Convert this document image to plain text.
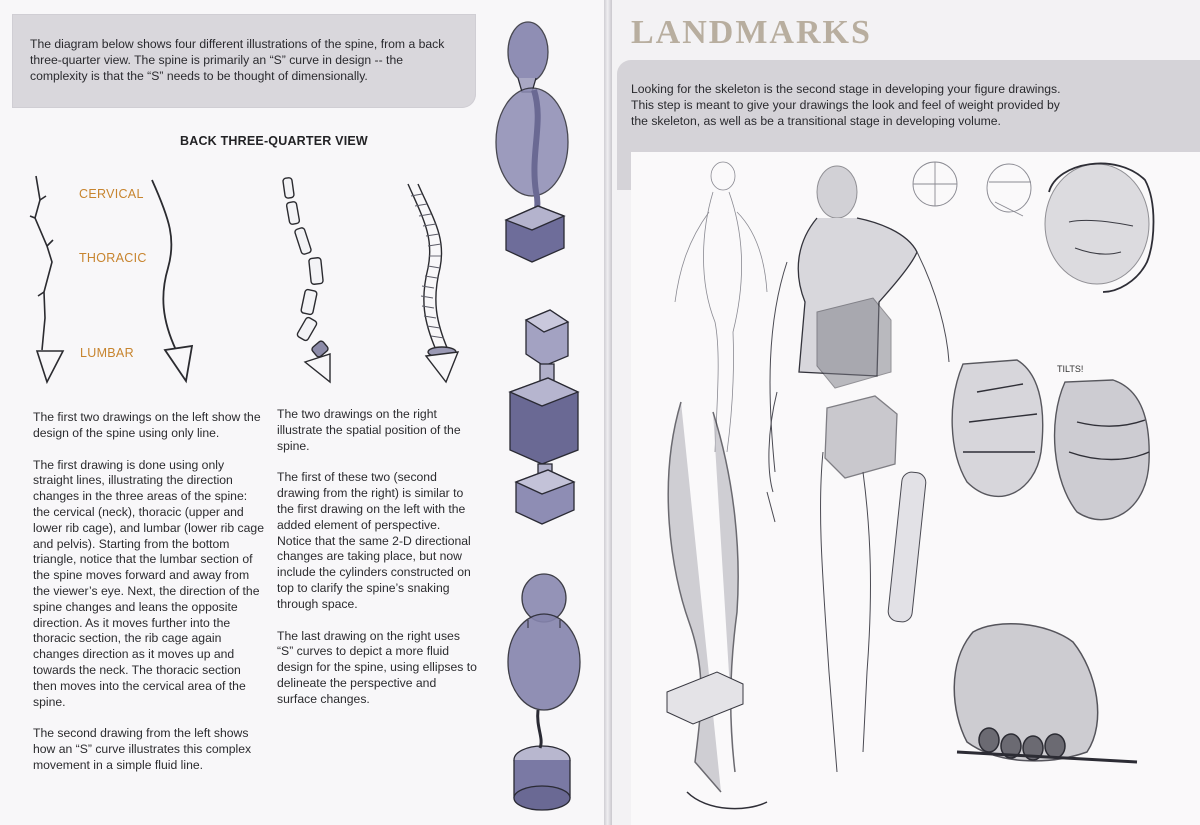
The diagram below shows four different illustrations of the spine, from a back three-quarter view. The spine is primarily an “S” curve in design -- the complexity is that the “S” needs to be thought of dimensionally.

BACK THREE-QUARTER VIEW

CERVICAL
THORACIC
LUMBAR

The first two drawings on the left show the design of the spine using only line.

The first drawing is done using only straight lines, illustrating the direction changes in the three areas of the spine: the cervical (neck), thoracic (upper and lower rib cage), and lumbar (lower rib cage and pelvis). Starting from the bottom triangle, notice that the lumbar section of the spine moves forward and away from the viewer’s eye. Next, the direction of the spine changes and leans the opposite direction. As it moves further into the thoracic section, the rib cage again changes direction as it moves up and towards the neck. The thoracic section then moves into the cervical area of the spine.

The second drawing from the left shows how an “S” curve illustrates this complex movement in a simple fluid line.

The two drawings on the right illustrate the spatial position of the spine.

The first of these two (second drawing from the right) is similar to the first drawing on the left with the added element of perspective. Notice that the same 2-D directional changes are taking place, but now include the cylinders constructed on top to clarify the spine’s snaking through space.

The last drawing on the right uses “S” curves to depict a more fluid design for the spine, using ellipses to delineate the perspective and surface changes.

LANDMARKS

Looking for the skeleton is the second stage in developing your figure drawings. This step is meant to give your drawings the look and feel of weight provided by the skeleton, as well as be a transitional stage in developing volume.

TILTS!
